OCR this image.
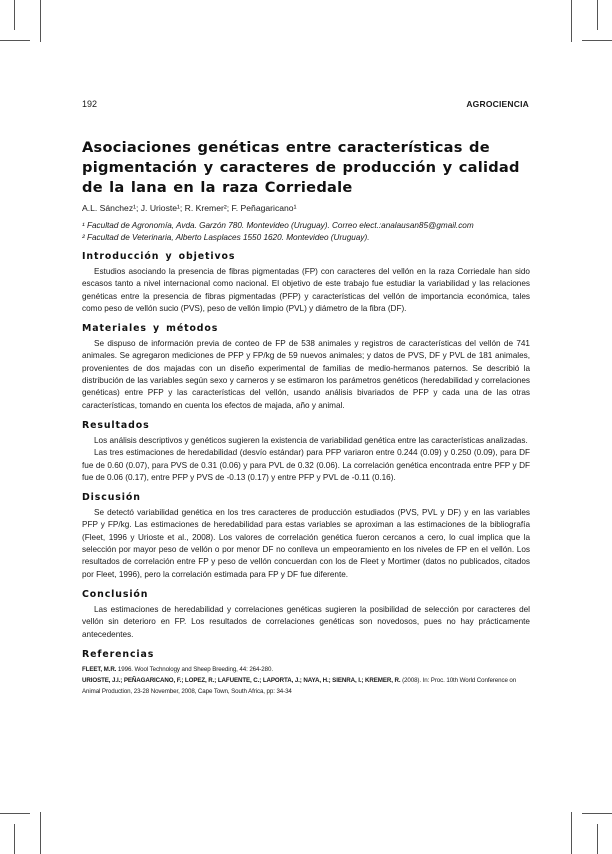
192	AGROCIENCIA
Asociaciones genéticas entre características de pigmentación y caracteres de producción y calidad de la lana en la raza Corriedale

A.L. Sánchez¹; J. Urioste¹; R. Kremer²; F. Peñagaricano¹

¹ Facultad de Agronomía, Avda. Garzón 780. Montevideo (Uruguay). Correo elect.:analausan85@gmail.com

² Facultad de Veterinaria, Alberto Lasplaces 1550 1620. Montevideo (Uruguay).

Introducción y objetivos

Estudios asociando la presencia de fibras pigmentadas (FP) con caracteres del vellón en la raza Corriedale han sido escasos tanto a nivel internacional como nacional. El objetivo de este trabajo fue estudiar la variabilidad y las relaciones genéticas entre la presencia de fibras pigmentadas (PFP) y características del vellón de importancia económica, tales como peso de vellón sucio (PVS), peso de vellón limpio (PVL) y diámetro de la fibra (DF).

Materiales y métodos

Se dispuso de información previa de conteo de FP de 538 animales y registros de características del vellón de 741 animales. Se agregaron mediciones de PFP y FP/kg de 59 nuevos animales; y datos de PVS, DF y PVL de 181 animales, provenientes de dos majadas con un diseño experimental de familias de medio-hermanos paternos. Se describió la distribución de las variables según sexo y carneros y se estimaron los parámetros genéticos (heredabilidad y correlaciones genéticas) entre PFP y las características del vellón, usando análisis bivariados de PFP y cada una de las otras características, tomando en cuenta los efectos de majada, año y animal.

Resultados

Los análisis descriptivos y genéticos sugieren la existencia de variabilidad genética entre las características analizadas.

Las tres estimaciones de heredabilidad (desvío estándar) para PFP variaron entre 0.244 (0.09) y 0.250 (0.09), para DF fue de 0.60 (0.07), para PVS de 0.31 (0.06) y para PVL de 0.32 (0.06). La correlación genética encontrada entre PFP y DF fue de 0.06 (0.17), entre PFP y PVS de -0.13 (0.17) y entre PFP y PVL de -0.11 (0.16).

Discusión

Se detectó variabilidad genética en los tres caracteres de producción estudiados (PVS, PVL y DF) y en las variables PFP y FP/kg. Las estimaciones de heredabilidad para estas variables se aproximan a las estimaciones de la bibliografía (Fleet, 1996 y Urioste et al., 2008). Los valores de correlación genética fueron cercanos a cero, lo cual implica que la selección por mayor peso de vellón o por menor DF no conlleva un empeoramiento en los niveles de FP en el vellón. Los resultados de correlación entre FP y peso de vellón concuerdan con los de Fleet y Mortimer (datos no publicados, citados por Fleet, 1996), pero la correlación estimada para FP y DF fue diferente.

Conclusión

Las estimaciones de heredabilidad y correlaciones genéticas sugieren la posibilidad de selección por caracteres del vellón sin deterioro en FP. Los resultados de correlaciones genéticas son novedosos, pues no hay prácticamente antecedentes.

Referencias

FLEET, M.R. 1996. Wool Technology and Sheep Breeding, 44: 264-280.

URIOSTE, J.I.; PEÑAGARICANO, F.; LOPEZ, R.; LAFUENTE, C.; LAPORTA, J.; NAYA, H.; SIENRA, I.; KREMER, R. (2008). In: Proc. 10th World Conference on Animal Production, 23-28 November, 2008, Cape Town, South Africa, pp: 34-34
